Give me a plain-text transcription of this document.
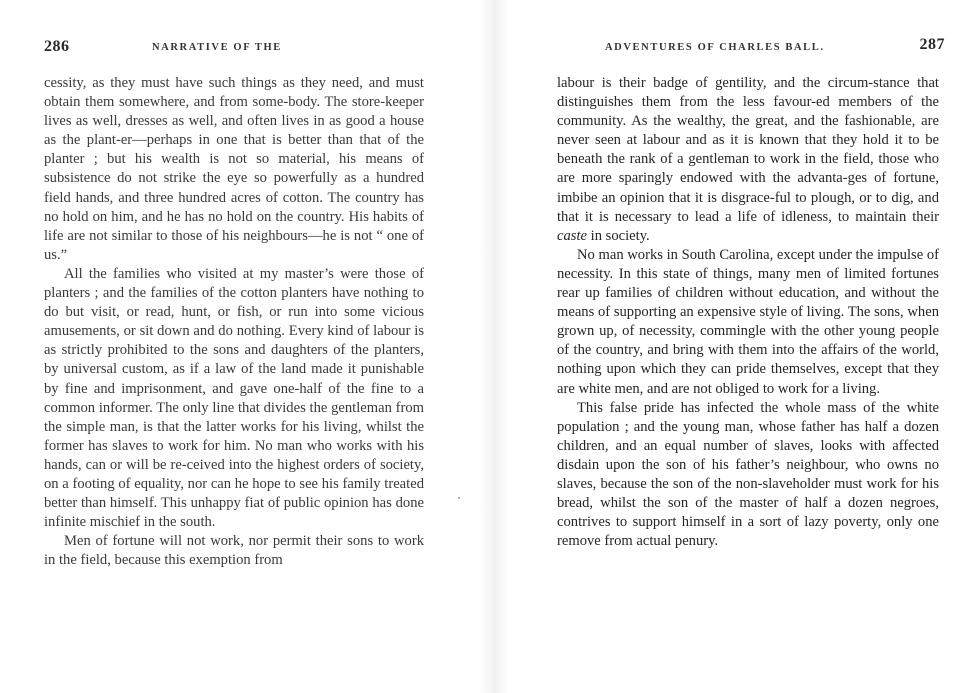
286	NARRATIVE OF THE

cessity, as they must have such things as they need, and must obtain them somewhere, and from some-body. The store-keeper lives as well, dresses as well, and often lives in as good a house as the plant-er—perhaps in one that is better than that of the planter ; but his wealth is not so material, his means of subsistence do not strike the eye so powerfully as a hundred field hands, and three hundred acres of cotton. The country has no hold on him, and he has no hold on the country. His habits of life are not similar to those of his neighbours—he is not “ one of us.”

All the families who visited at my master’s were those of planters ; and the families of the cotton planters have nothing to do but visit, or read, hunt, or fish, or run into some vicious amusements, or sit down and do nothing. Every kind of labour is as strictly prohibited to the sons and daughters of the planters, by universal custom, as if a law of the land made it punishable by fine and imprisonment, and gave one-half of the fine to a common informer. The only line that divides the gentleman from the simple man, is that the latter works for his living, whilst the former has slaves to work for him. No man who works with his hands, can or will be re-ceived into the highest orders of society, on a footing of equality, nor can he hope to see his family treated better than himself. This unhappy fiat of public opinion has done infinite mischief in the south.

Men of fortune will not work, nor permit their sons to work in the field, because this exemption from

ADVENTURES OF CHARLES BALL.	287

labour is their badge of gentility, and the circum-stance that distinguishes them from the less favour-ed members of the community. As the wealthy, the great, and the fashionable, are never seen at labour and as it is known that they hold it to be beneath the rank of a gentleman to work in the field, those who are more sparingly endowed with the advanta-ges of fortune, imbibe an opinion that it is disgrace-ful to plough, or to dig, and that it is necessary to lead a life of idleness, to maintain their caste in society.

No man works in South Carolina, except under the impulse of necessity. In this state of things, many men of limited fortunes rear up families of children without education, and without the means of supporting an expensive style of living. The sons, when grown up, of necessity, commingle with the other young people of the country, and bring with them into the affairs of the world, nothing upon which they can pride themselves, except that they are white men, and are not obliged to work for a living.

This false pride has infected the whole mass of the white population ; and the young man, whose father has half a dozen children, and an equal number of slaves, looks with affected disdain upon the son of his father’s neighbour, who owns no slaves, because the son of the non-slaveholder must work for his bread, whilst the son of the master of half a dozen negroes, contrives to support himself in a sort of lazy poverty, only one remove from actual penury.
